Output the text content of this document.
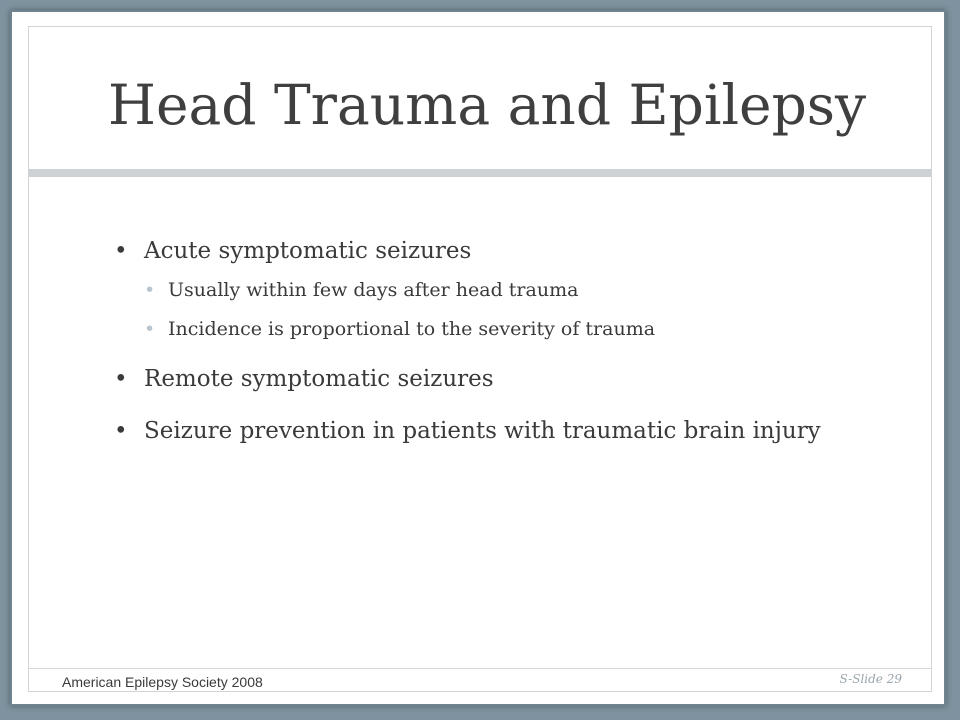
Head Trauma and Epilepsy
• Acute symptomatic seizures
• Usually within few days after head trauma
• Incidence is proportional to the severity of trauma
• Remote symptomatic seizures
• Seizure prevention in patients with traumatic brain injury
American Epilepsy Society 2008	S-Slide 29
